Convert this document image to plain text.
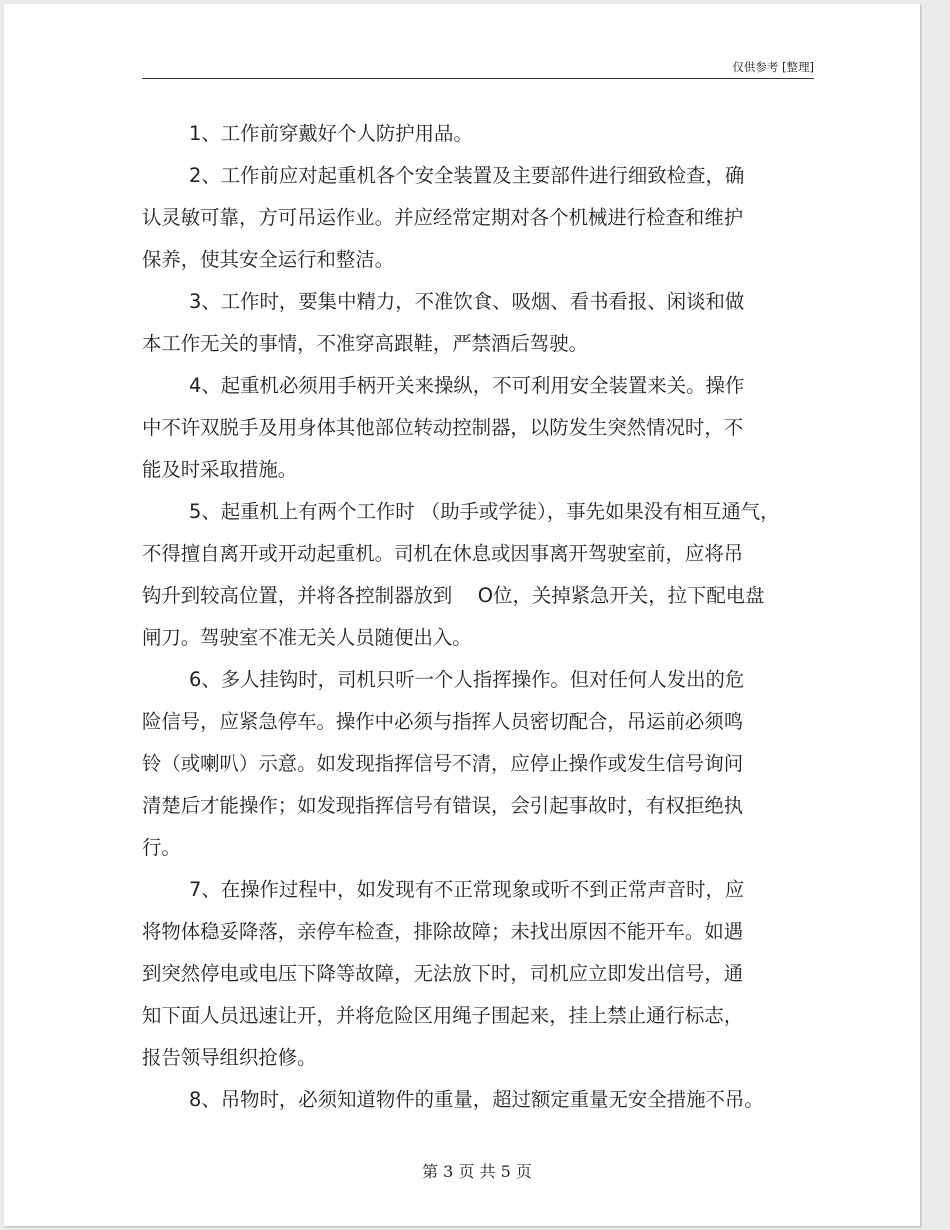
仅供参考 [整理]
1、工作前穿戴好个人防护用品。
2、工作前应对起重机各个安全装置及主要部件进行细致检查，确
认灵敏可靠，方可吊运作业。并应经常定期对各个机械进行检查和维护
保养，使其安全运行和整洁。
3、工作时，要集中精力，不准饮食、吸烟、看书看报、闲谈和做
本工作无关的事情，不准穿高跟鞋，严禁酒后驾驶。
4、起重机必须用手柄开关来操纵，不可利用安全装置来关。操作
中不许双脱手及用身体其他部位转动控制器，以防发生突然情况时，不
能及时采取措施。
5、起重机上有两个工作时 （助手或学徒），事先如果没有相互通气，
不得擅自离开或开动起重机。司机在休息或因事离开驾驶室前，应将吊
钩升到较高位置，并将各控制器放到 　O位，关掉紧急开关，拉下配电盘
闸刀。驾驶室不准无关人员随便出入。
6、多人挂钩时，司机只听一个人指挥操作。但对任何人发出的危
险信号，应紧急停车。操作中必须与指挥人员密切配合，吊运前必须鸣
铃（或喇叭）示意。如发现指挥信号不清，应停止操作或发生信号询问
清楚后才能操作；如发现指挥信号有错误，会引起事故时，有权拒绝执
行。
7、在操作过程中，如发现有不正常现象或听不到正常声音时，应
将物体稳妥降落，亲停车检查，排除故障；未找出原因不能开车。如遇
到突然停电或电压下降等故障，无法放下时，司机应立即发出信号，通
知下面人员迅速让开，并将危险区用绳子围起来，挂上禁止通行标志，
报告领导组织抢修。
8、吊物时，必须知道物件的重量，超过额定重量无安全措施不吊。
第 3 页 共 5 页
